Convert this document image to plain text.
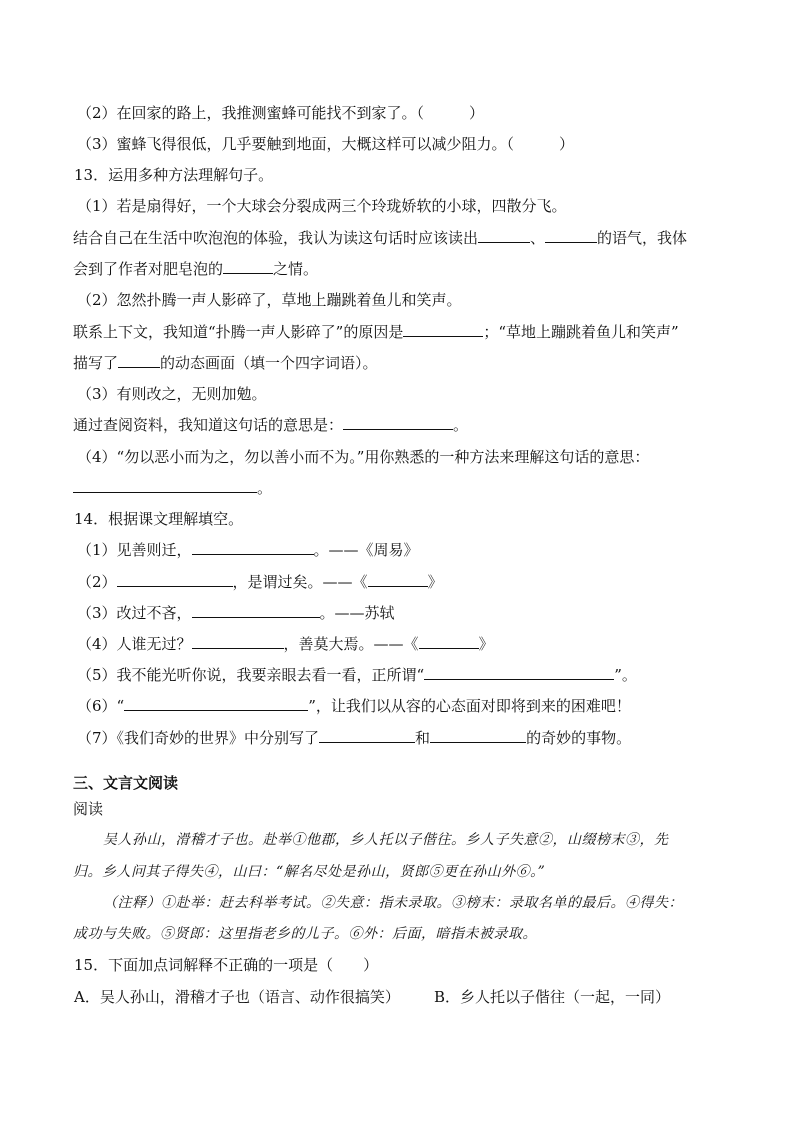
（2）在回家的路上，我推测蜜蜂可能找不到家了。（　　　）
（3）蜜蜂飞得很低，几乎要触到地面，大概这样可以减少阻力。（　　　）
13．运用多种方法理解句子。
（1）若是扇得好，一个大球会分裂成两三个玲珑娇软的小球，四散分飞。
结合自己在生活中吹泡泡的体验，我认为读这句话时应该读出	、	的语气，我体
会到了作者对肥皂泡的	之情。
（2）忽然扑腾一声人影碎了，草地上蹦跳着鱼儿和笑声。
联系上下文，我知道“扑腾一声人影碎了”的原因是	；“草地上蹦跳着鱼儿和笑声”
描写了	的动态画面（填一个四字词语）。
（3）有则改之，无则加勉。
通过查阅资料，我知道这句话的意思是：	。
（4）“勿以恶小而为之，勿以善小而不为。”用你熟悉的一种方法来理解这句话的意思：
。
14．根据课文理解填空。
（1）见善则迁，	。——《周易》
（2）	，是谓过矣。——《	》
（3）改过不吝，	。——苏轼
（4）人谁无过？	，善莫大焉。——《	》
（5）我不能光听你说，我要亲眼去看一看，正所谓“	”。
（6）“	”，让我们以从容的心态面对即将到来的困难吧！
（7）《我们奇妙的世界》中分别写了	和	的奇妙的事物。
三、文言文阅读
阅读
吴人孙山，滑稽才子也。赴举①他郡，乡人托以子偕往。乡人子失意②，山缀榜末③，先
归。乡人问其子得失④，山曰：“解名尽处是孙山，贤郎⑤更在孙山外⑥。”
（注释）①赴举：赶去科举考试。②失意：指未录取。③榜末：录取名单的最后。④得失：
成功与失败。⑤贤郎：这里指老乡的儿子。⑥外：后面，暗指未被录取。
15．下面加点词解释不正确的一项是（　　）
A．吴人孙山，滑稽才子也（语言、动作很搞笑） B．乡人托以子偕往（一起，一同）
